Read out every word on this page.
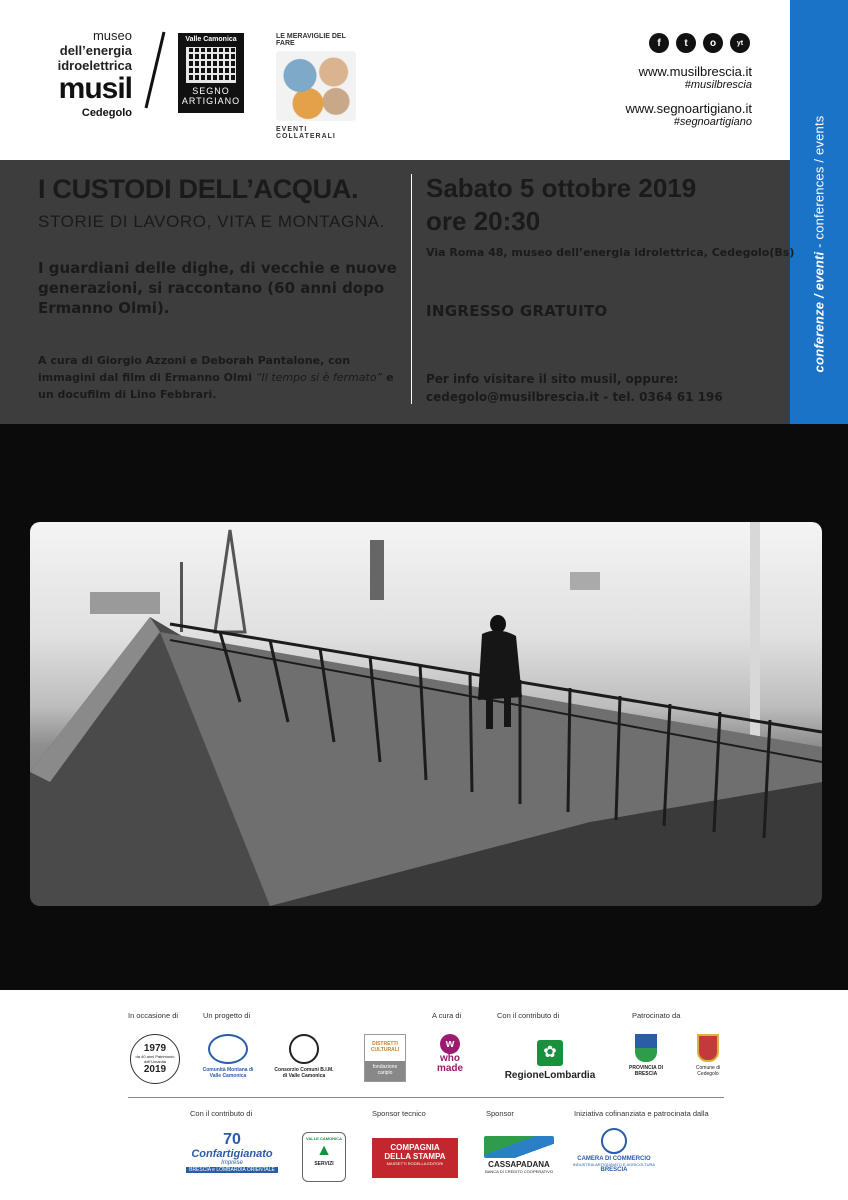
museo
dell’energia
idroelettrica
musil
Cedegolo
Valle Camonica
SEGNO
ARTIGIANO
LE MERAVIGLIE DEL FARE
EVENTI COLLATERALI
f	t	o	yt
www.musilbrescia.it
#musilbrescia
www.segnoartigiano.it
#segnoartigiano
conferenze / eventi - conferences / events
I CUSTODI DELL’ACQUA.
STORIE DI LAVORO, VITA E MONTAGNA.
I guardiani delle dighe, di vecchie e nuove generazioni, si raccontano (60 anni dopo Ermanno Olmi).
A cura di Giorgio Azzoni e Deborah Pantalone, con immagini dal film di Ermanno Olmi “Il tempo si è fermato” e un docufilm di Lino Febbrari.
Sabato 5 ottobre 2019
ore 20:30
Via Roma 48, museo dell’energia idrolettrica, Cedegolo(Bs)
INGRESSO GRATUITO
Per info visitare il sito musil, oppure:
cedegolo@musilbrescia.it - tel. 0364 61 196
In occasione di	Un progetto di	A cura di	Con il contributo di	Patrocinato da
1979
da 40 anni Patrimonio dell’Umanità
2019	Comunità Montana di Valle Camonica
Consorzio Comuni B.I.M. di Valle Camonica
DISTRETTI CULTURALI
fondazione cariplo
w
who
made
✿
RegioneLombardia
PROVINCIA DI BRESCIA
Comune di Cedegolo
Con il contributo di	Sponsor tecnico	Sponsor	Iniziativa cofinanziata e patrocinata dalla
70
Confartigianato
Imprese
BRESCIA e LOMBARDIA ORIENTALE
VALLE CAMONICA
▲
SERVIZI
COMPAGNIA
DELLA STAMPA
MASSETTI RODELLA EDITORI	CASSAPADANA
BANCA DI CREDITO COOPERATIVO
CAMERA DI COMMERCIO
INDUSTRIA ARTIGIANATO E AGRICOLTURA
BRESCIA
